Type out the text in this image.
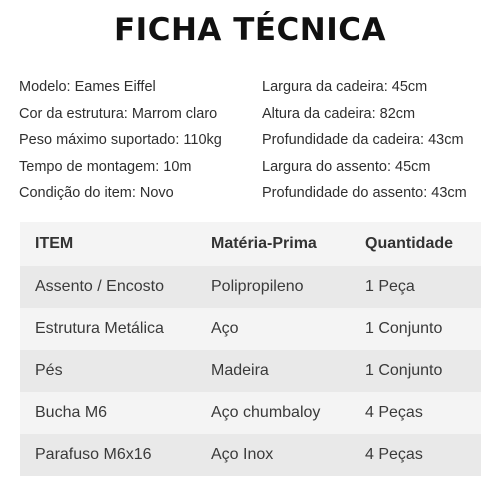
FICHA TÉCNICA
Modelo: Eames Eiffel
Cor da estrutura: Marrom claro
Peso máximo suportado: 110kg
Tempo de montagem: 10m
Condição do item: Novo
Largura da cadeira: 45cm
Altura da cadeira: 82cm
Profundidade da cadeira: 43cm
Largura do assento: 45cm
Profundidade do assento: 43cm
ITEM	Matéria-Prima	Quantidade
Assento / Encosto	Polipropileno	1 Peça
Estrutura Metálica	Aço	1 Conjunto
Pés	Madeira	1 Conjunto
Bucha M6	Aço chumbaloy	4 Peças
Parafuso M6x16	Aço Inox	4 Peças
